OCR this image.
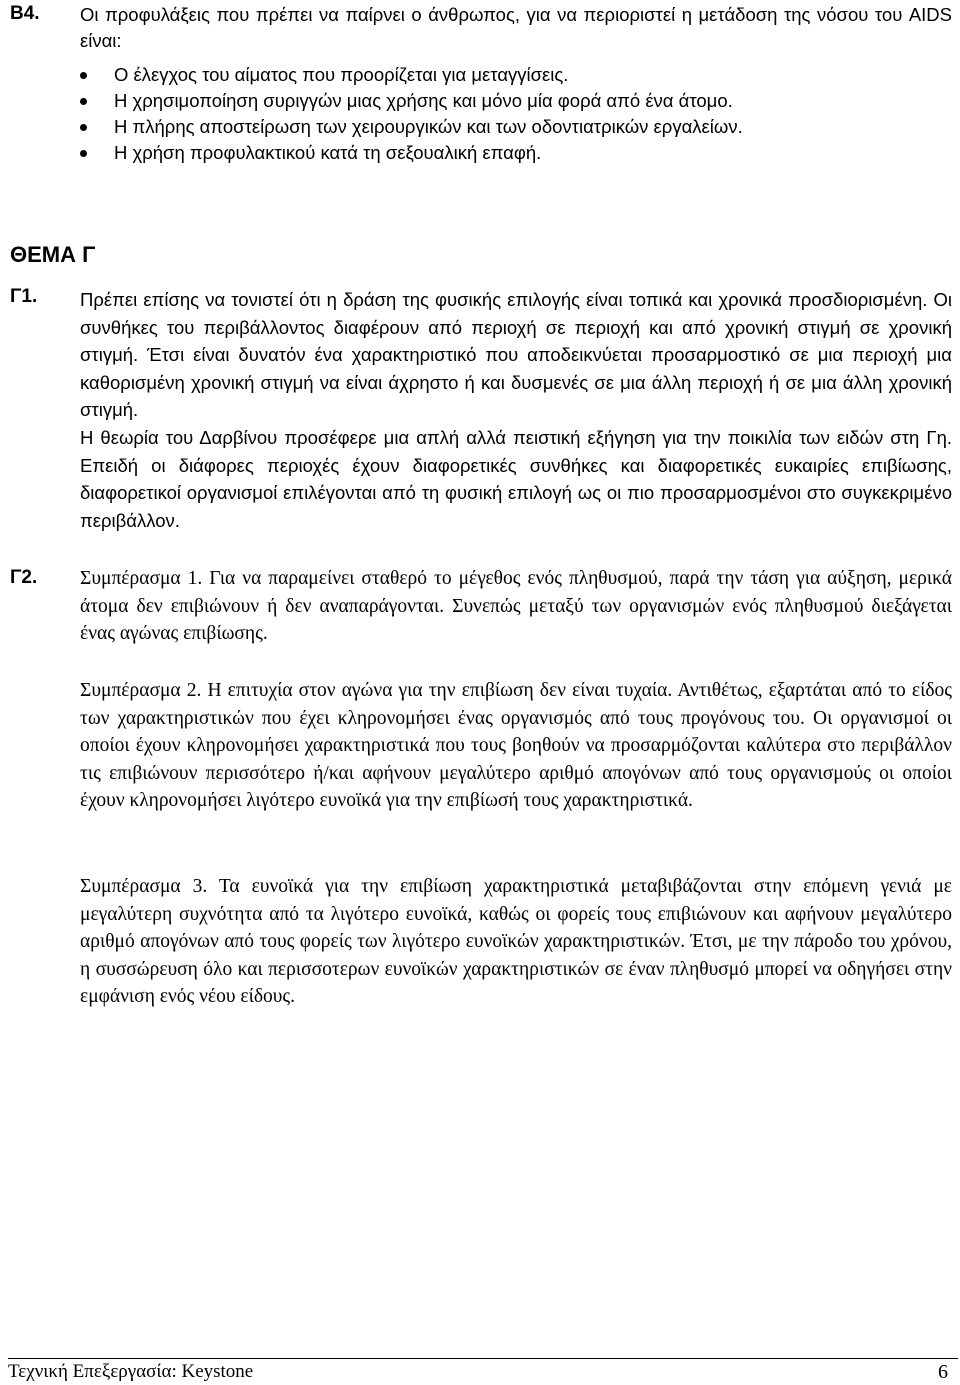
Β4. Οι προφυλάξεις που πρέπει να παίρνει ο άνθρωπος, για να περιοριστεί η μετάδοση της νόσου του AIDS είναι:

Ο έλεγχος του αίματος που προορίζεται για μεταγγίσεις.
Η χρησιμοποίηση συριγγών μιας χρήσης και μόνο μία φορά από ένα άτομο.
Η πλήρης αποστείρωση των χειρουργικών και των οδοντιατρικών εργαλείων.
Η χρήση προφυλακτικού κατά τη σεξουαλική επαφή.
ΘΕΜΑ Γ
Γ1. Πρέπει επίσης να τονιστεί ότι η δράση της φυσικής επιλογής είναι τοπικά και χρονικά προσδιορισμένη. Οι συνθήκες του περιβάλλοντος διαφέρουν από περιοχή σε περιοχή και από χρονική στιγμή σε χρονική στιγμή. Έτσι είναι δυνατόν ένα χαρακτηριστικό που αποδεικνύεται προσαρμοστικό σε μια περιοχή μια καθορισμένη χρονική στιγμή να είναι άχρηστο ή και δυσμενές σε μια άλλη περιοχή ή σε μια άλλη χρονική στιγμή.

Η θεωρία του Δαρβίνου προσέφερε μια απλή αλλά πειστική εξήγηση για την ποικιλία των ειδών στη Γη. Επειδή οι διάφορες περιοχές έχουν διαφορετικές συνθήκες και διαφορετικές ευκαιρίες επιβίωσης, διαφορετικοί οργανισμοί επιλέγονται από τη φυσική επιλογή ως οι πιο προσαρμοσμένοι στο συγκεκριμένο περιβάλλον.

Γ2. Συμπέρασμα 1. Για να παραμείνει σταθερό το μέγεθος ενός πληθυσμού, παρά την τάση για αύξηση, μερικά άτομα δεν επιβιώνουν ή δεν αναπαράγονται. Συνεπώς μεταξύ των οργανισμών ενός πληθυσμού διεξάγεται ένας αγώνας επιβίωσης.

Συμπέρασμα 2. Η επιτυχία στον αγώνα για την επιβίωση δεν είναι τυχαία. Αντιθέτως, εξαρτάται από το είδος των χαρακτηριστικών που έχει κληρονομήσει ένας οργανισμός από τους προγόνους του. Οι οργανισμοί οι οποίοι έχουν κληρονομήσει χαρακτηριστικά που τους βοηθούν να προσαρμόζονται καλύτερα στο περιβάλλον τις επιβιώνουν περισσότερο ή/και αφήνουν μεγαλύτερο αριθμό απογόνων από τους οργανισμούς οι οποίοι έχουν κληρονομήσει λιγότερο ευνοϊκά για την επιβίωσή τους χαρακτηριστικά.

Συμπέρασμα 3. Τα ευνοϊκά για την επιβίωση χαρακτηριστικά μεταβιβάζονται στην επόμενη γενιά με μεγαλύτερη συχνότητα από τα λιγότερο ευνοϊκά, καθώς οι φορείς τους επιβιώνουν και αφήνουν μεγαλύτερο αριθμό απογόνων από τους φορείς των λιγότερο ευνοϊκών χαρακτηριστικών. Έτσι, με την πάροδο του χρόνου, η συσσώρευση όλο και περισσοτερων ευνοϊκών χαρακτηριστικών σε έναν πληθυσμό μπορεί να οδηγήσει στην εμφάνιση ενός νέου είδους.

Τεχνική Επεξεργασία: Keystone	6
